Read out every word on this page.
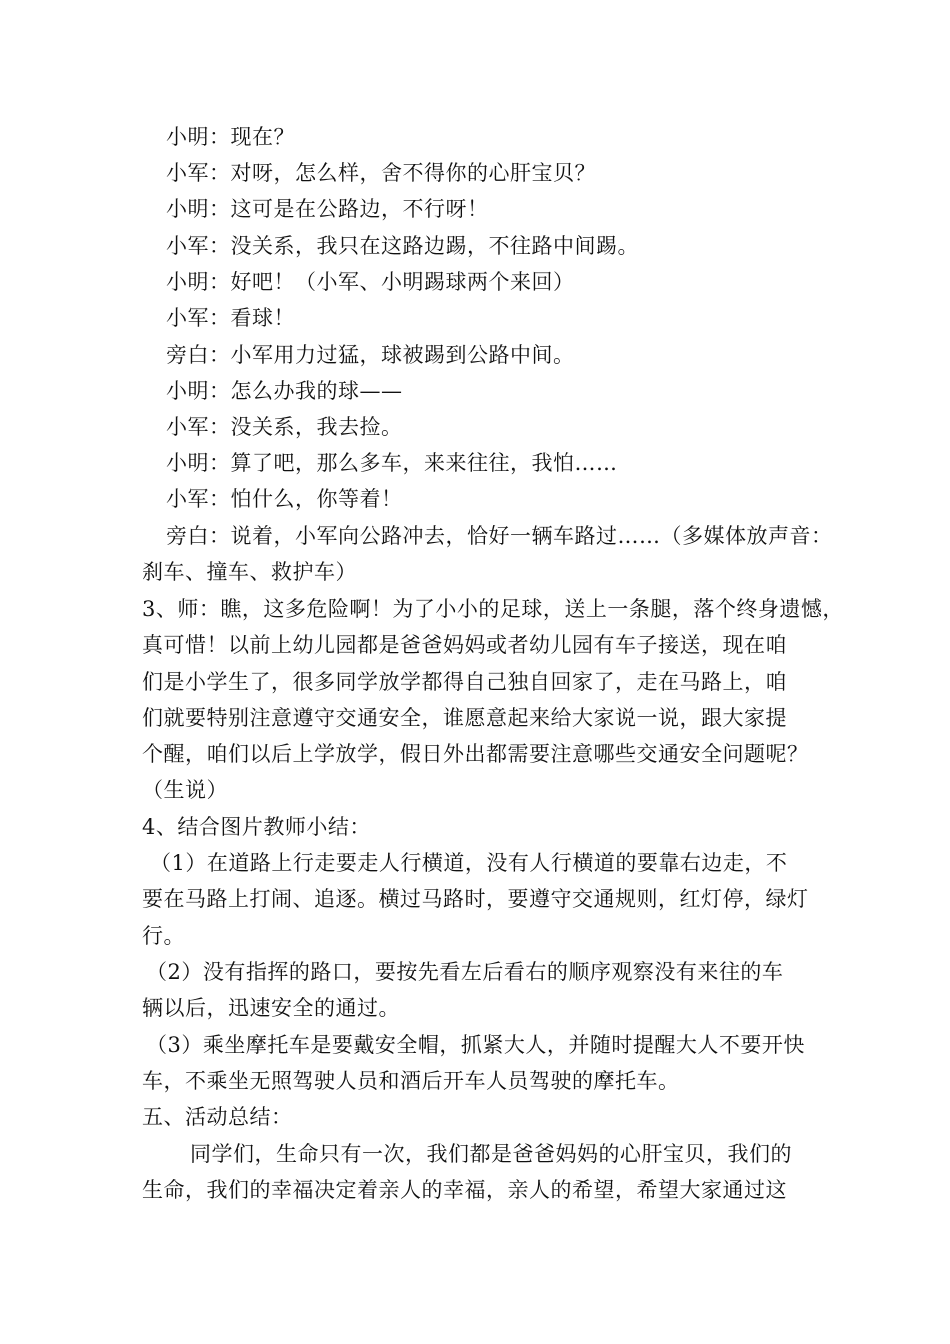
小明：现在？
小军：对呀，怎么样，舍不得你的心肝宝贝？
小明：这可是在公路边，不行呀！
小军：没关系，我只在这路边踢，不往路中间踢。
小明：好吧！（小军、小明踢球两个来回）
小军：看球！
旁白：小军用力过猛，球被踢到公路中间。
小明：怎么办我的球——
小军：没关系，我去捡。
小明：算了吧，那么多车，来来往往，我怕……
小军：怕什么，你等着！
旁白：说着，小军向公路冲去，恰好一辆车路过……（多媒体放声音：
刹车、撞车、救护车）
3、师：瞧，这多危险啊！为了小小的足球，送上一条腿，落个终身遗憾，
真可惜！以前上幼儿园都是爸爸妈妈或者幼儿园有车子接送，现在咱
们是小学生了，很多同学放学都得自己独自回家了，走在马路上，咱
们就要特别注意遵守交通安全，谁愿意起来给大家说一说，跟大家提
个醒，咱们以后上学放学，假日外出都需要注意哪些交通安全问题呢？
（生说）
4、结合图片教师小结：
（1）在道路上行走要走人行横道，没有人行横道的要靠右边走，不
要在马路上打闹、追逐。横过马路时，要遵守交通规则，红灯停，绿灯
行。
（2）没有指挥的路口，要按先看左后看右的顺序观察没有来往的车
辆以后，迅速安全的通过。
（3）乘坐摩托车是要戴安全帽，抓紧大人，并随时提醒大人不要开快
车，不乘坐无照驾驶人员和酒后开车人员驾驶的摩托车。
五、活动总结：
同学们，生命只有一次，我们都是爸爸妈妈的心肝宝贝，我们的
生命，我们的幸福决定着亲人的幸福，亲人的希望，希望大家通过这
